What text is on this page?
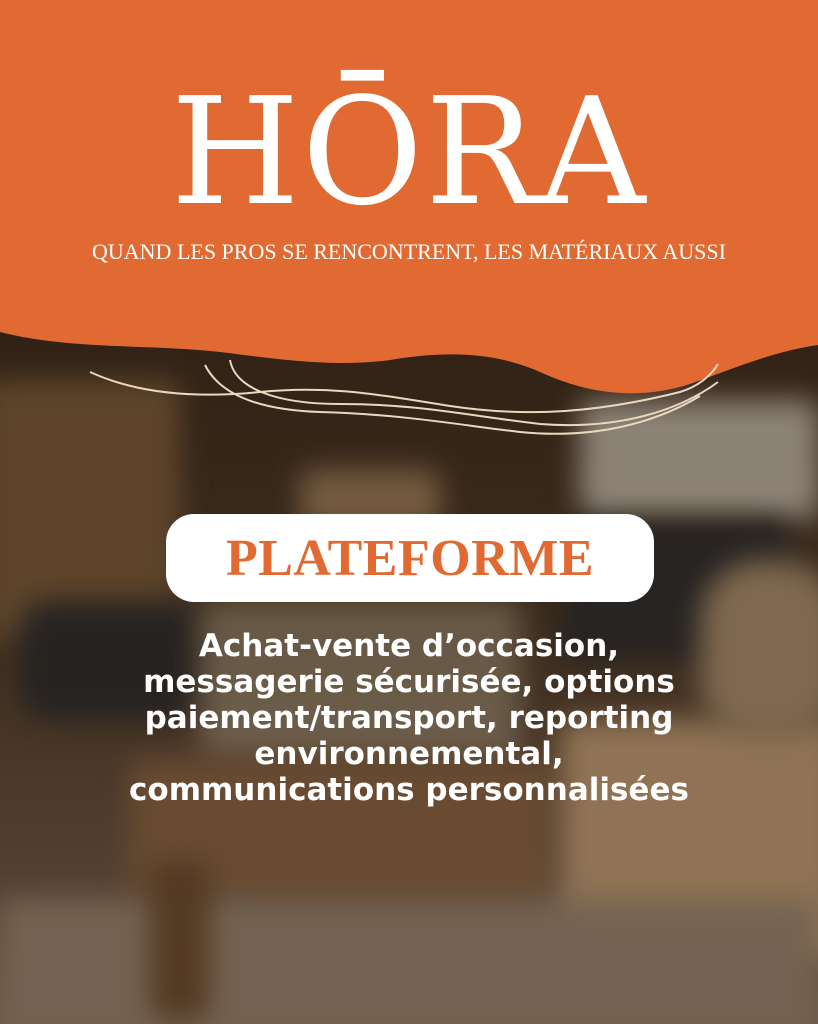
HŌRA

QUAND LES PROS SE RENCONTRENT, LES MATÉRIAUX AUSSI

PLATEFORME

Achat-vente d’occasion,
messagerie sécurisée, options
paiement/transport, reporting
environnemental,
communications personnalisées
